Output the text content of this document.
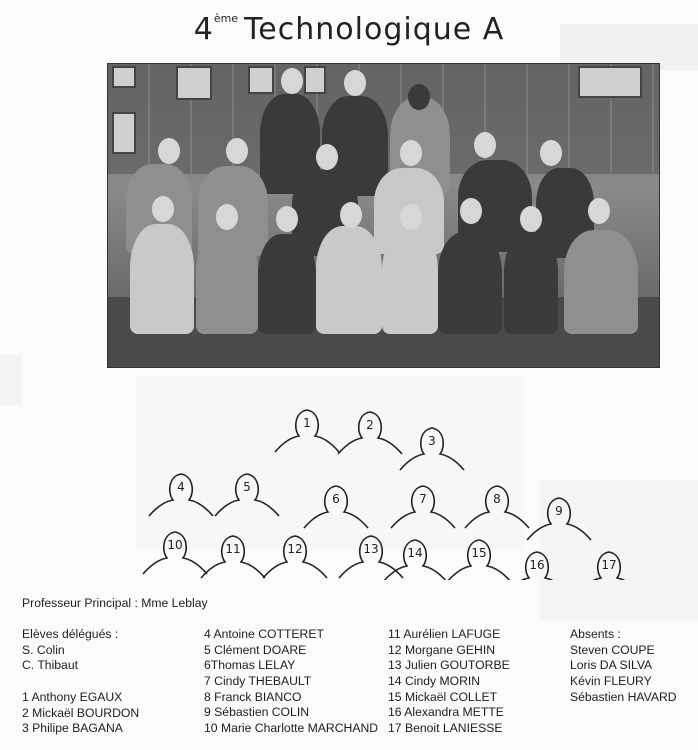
4ème Technologique A
1	2
3
4	5
6	7	8
9
10	11	12	13 14	15
16	17
Professeur Principal : Mme Leblay
Elèves délégués :
S. Colin
C. Thibaut
1 Anthony EGAUX
2 Mickaël BOURDON
3 Philipe BAGANA
4 Antoine COTTERET
5 Clément DOARE
6Thomas LELAY
7 Cindy THEBAULT
8 Franck BIANCO
9 Sébastien COLIN
10 Marie Charlotte MARCHAND
11 Aurélien LAFUGE
12 Morgane GEHIN
13 Julien GOUTORBE
14 Cindy MORIN
15 Mickaël COLLET
16 Alexandra METTE
17 Benoit LANIESSE
Absents :
Steven COUPE
Loris DA SILVA
Kévin FLEURY
Sébastien HAVARD
